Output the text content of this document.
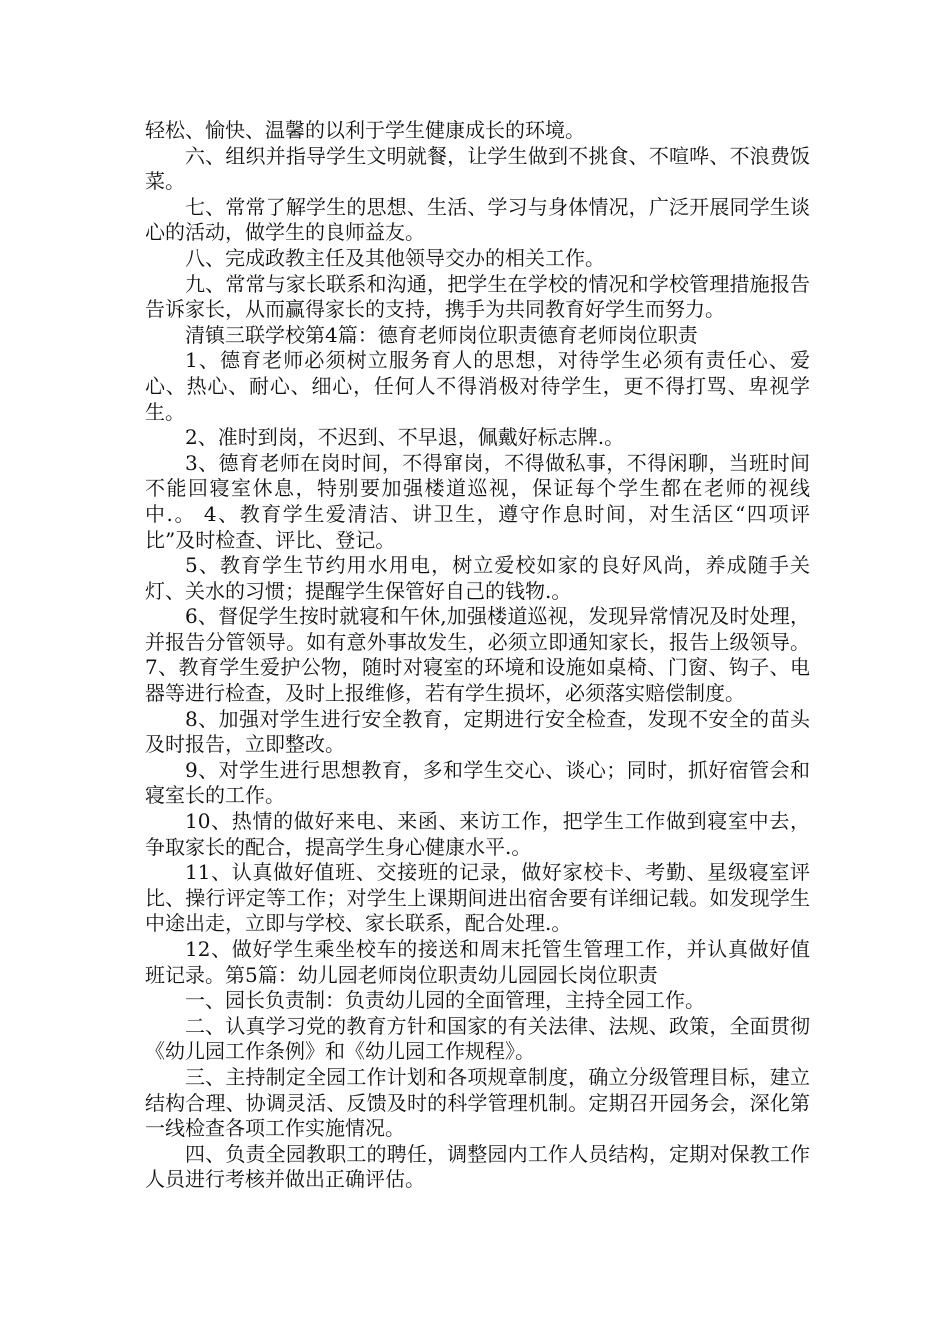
轻松、愉快、温馨的以利于学生健康成长的环境。

六、组织并指导学生文明就餐，让学生做到不挑食、不喧哗、不浪费饭菜。

七、常常了解学生的思想、生活、学习与身体情况，广泛开展同学生谈心的活动，做学生的良师益友。

八、完成政教主任及其他领导交办的相关工作。

九、常常与家长联系和沟通，把学生在学校的情况和学校管理措施报告告诉家长，从而赢得家长的支持，携手为共同教育好学生而努力。

清镇三联学校第4篇：德育老师岗位职责德育老师岗位职责

1、德育老师必须树立服务育人的思想，对待学生必须有责任心、爱心、热心、耐心、细心，任何人不得消极对待学生，更不得打骂、卑视学生。

2、准时到岗，不迟到、不早退，佩戴好标志牌.。

3、德育老师在岗时间，不得窜岗，不得做私事，不得闲聊，当班时间不能回寝室休息，特别要加强楼道巡视，保证每个学生都在老师的视线中.。 4、教育学生爱清洁、讲卫生，遵守作息时间，对生活区“四项评比”及时检查、评比、登记。

5、教育学生节约用水用电，树立爱校如家的良好风尚，养成随手关灯、关水的习惯；提醒学生保管好自己的钱物.。

6、督促学生按时就寝和午休,加强楼道巡视，发现异常情况及时处理，并报告分管领导。如有意外事故发生，必须立即通知家长，报告上级领导。 7、教育学生爱护公物，随时对寝室的环境和设施如桌椅、门窗、钩子、电器等进行检查，及时上报维修，若有学生损坏，必须落实赔偿制度。

8、加强对学生进行安全教育，定期进行安全检查，发现不安全的苗头及时报告，立即整改。

9、对学生进行思想教育，多和学生交心、谈心；同时，抓好宿管会和寝室长的工作。

10、热情的做好来电、来函、来访工作，把学生工作做到寝室中去，争取家长的配合，提高学生身心健康水平.。

11、认真做好值班、交接班的记录，做好家校卡、考勤、星级寝室评比、操行评定等工作；对学生上课期间进出宿舍要有详细记载。如发现学生中途出走，立即与学校、家长联系，配合处理.。

12、做好学生乘坐校车的接送和周末托管生管理工作，并认真做好值班记录。第5篇：幼儿园老师岗位职责幼儿园园长岗位职责

一、园长负责制：负责幼儿园的全面管理，主持全园工作。

二、认真学习党的教育方针和国家的有关法律、法规、政策，全面贯彻《幼儿园工作条例》和《幼儿园工作规程》。

三、主持制定全园工作计划和各项规章制度，确立分级管理目标，建立结构合理、协调灵活、反馈及时的科学管理机制。定期召开园务会，深化第一线检查各项工作实施情况。

四、负责全园教职工的聘任，调整园内工作人员结构，定期对保教工作人员进行考核并做出正确评估。
